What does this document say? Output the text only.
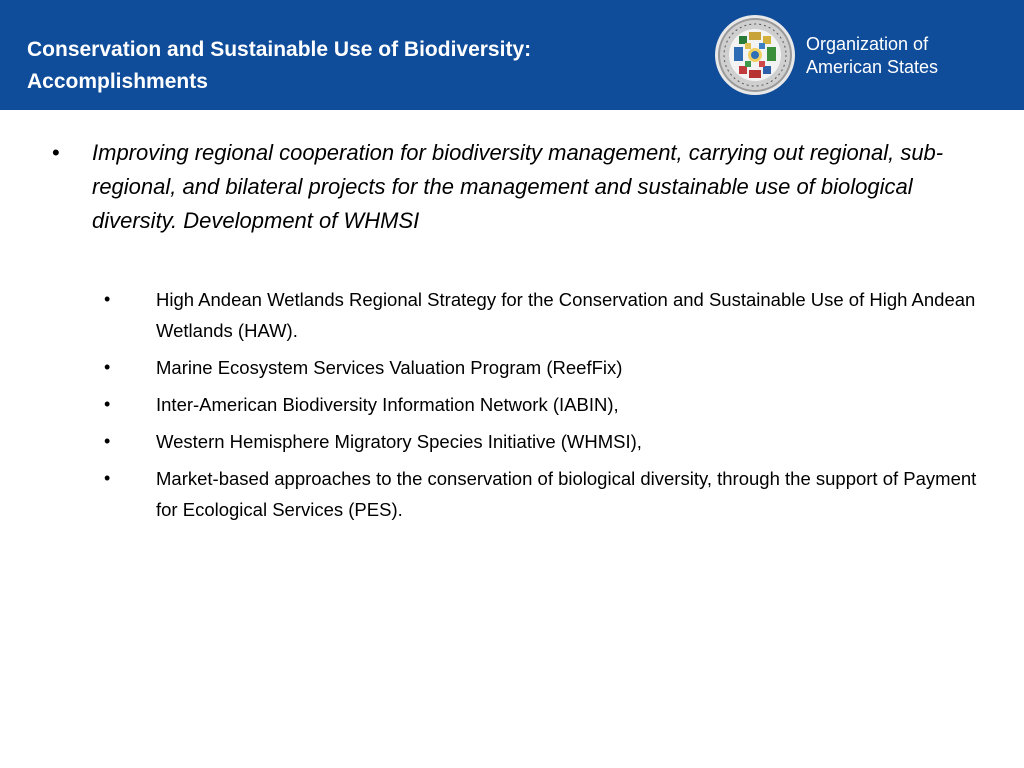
Conservation and Sustainable Use of Biodiversity:
Accomplishments
Organization of
American States
•	Improving regional cooperation for biodiversity management, carrying out regional, sub-regional, and bilateral projects for the management and sustainable use of biological diversity. Development of WHMSI
•	High Andean Wetlands Regional Strategy for the Conservation and Sustainable Use of High Andean Wetlands (HAW).
•	Marine Ecosystem Services Valuation Program (ReefFix)
•	Inter-American Biodiversity Information Network (IABIN),
•	Western Hemisphere Migratory Species Initiative (WHMSI),
•	Market-based approaches to the conservation of biological diversity, through the support of Payment for Ecological Services (PES).
